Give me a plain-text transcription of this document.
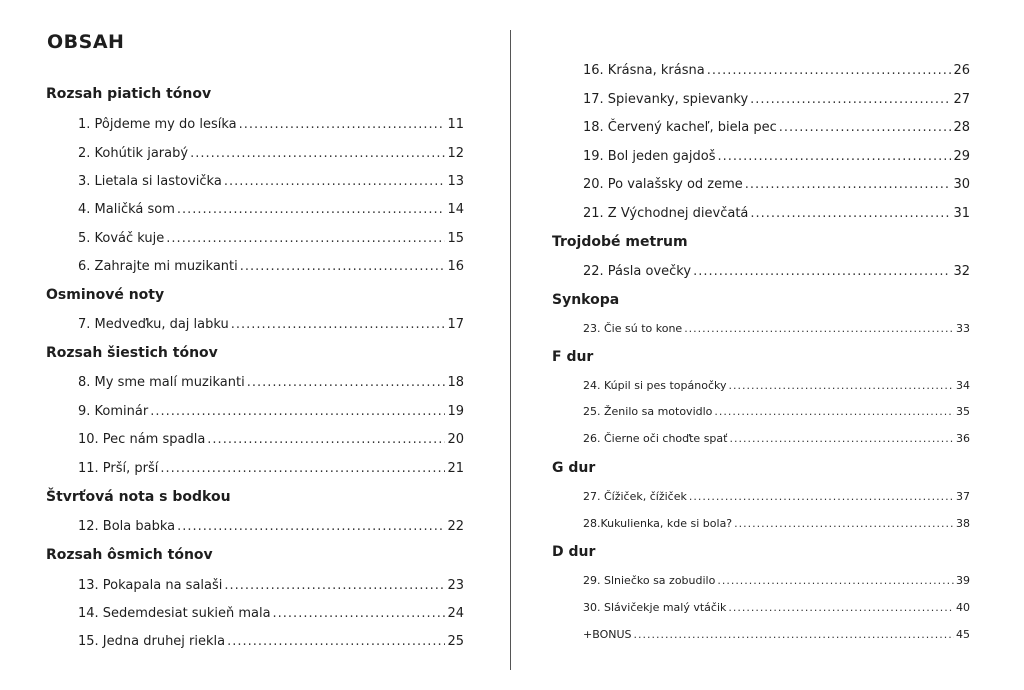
OBSAH
Rozsah piatich tónov
1. Pôjdeme my do lesíka .....	11
2. Kohútik jarabý .....	12
3. Lietala si lastovička .....	13
4. Maličká som .....	14
5. Kováč kuje .....	15
6. Zahrajte mi muzikanti .....	16
Osminové noty
7. Medveďku, daj labku .....	17
Rozsah šiestich tónov
8. My sme malí muzikanti .....	18
9. Kominár .....	19
10. Pec nám spadla .....	20
11. Prší, prší .....	21
Štvrťová nota s bodkou
12. Bola babka .....	22
Rozsah ôsmich tónov
13. Pokapala na salaši .....	23
14. Sedemdesiat sukieň mala .....	24
15. Jedna druhej riekla .....	25
16. Krásna, krásna .....	26
17. Spievanky, spievanky .....	27
18. Červený kacheľ, biela pec .....	28
19. Bol jeden gajdoš .....	29
20. Po valašsky od zeme .....	30
21. Z Východnej dievčatá .....	31
Trojdobé metrum
22. Pásla ovečky .....	32
Synkopa
23. Čie sú to kone .....	33
F dur
24. Kúpil si pes topánočky .....	34
25. Ženilo sa motovidlo .....	35
26. Čierne oči choďte spať .....	36
G dur
27. Čížiček, čížiček .....	37
28.Kukulienka, kde si bola? .....	38
D dur
29. Slniečko sa zobudilo .....	39
30. Slávičekje malý vtáčik .....	40
+BONUS .....	45
